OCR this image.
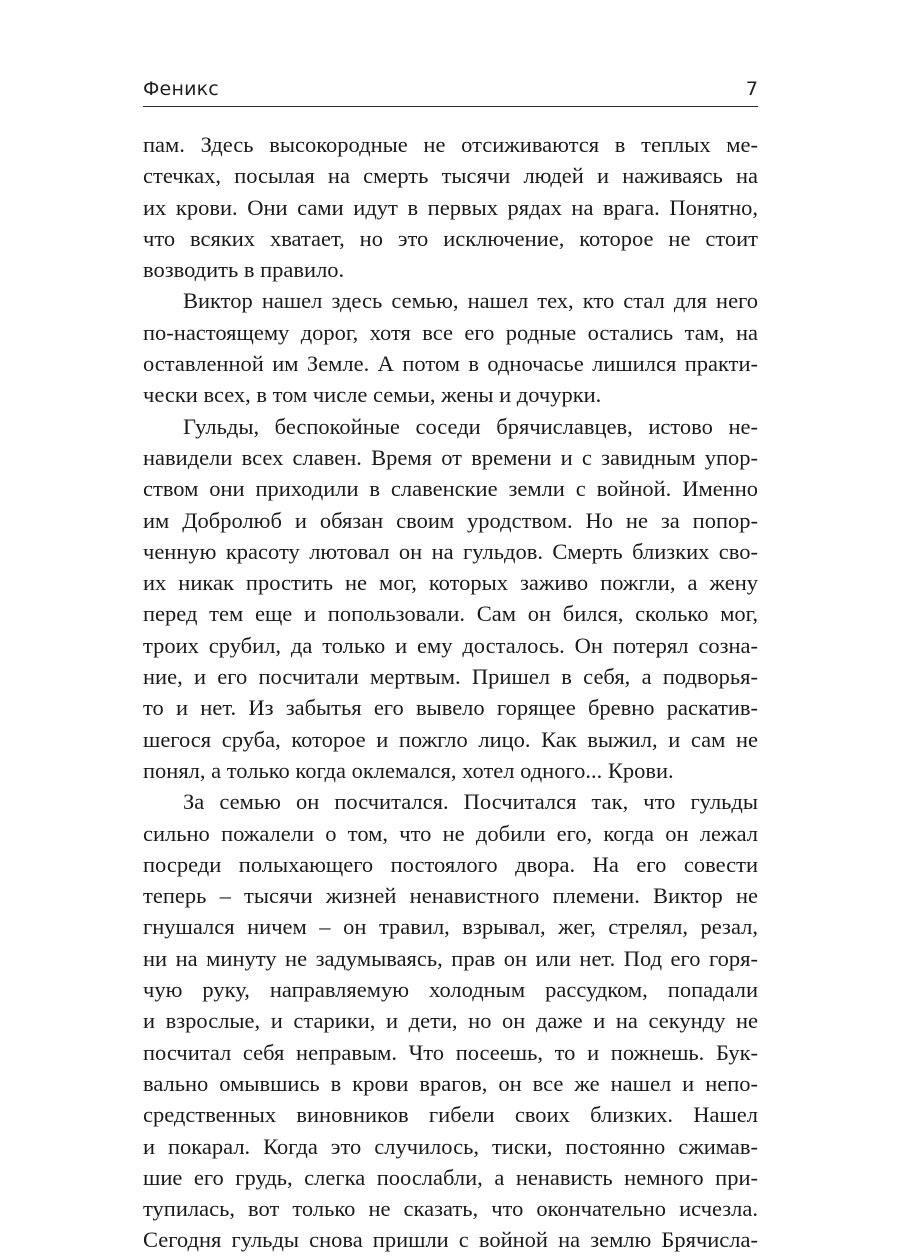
Феникс	7
пам. Здесь высокородные не отсиживаются в теплых ме-
стечках, посылая на смерть тысячи людей и наживаясь на
их крови. Они сами идут в первых рядах на врага. Понятно,
что всяких хватает, но это исключение, которое не стоит
возводить в правило.
Виктор нашел здесь семью, нашел тех, кто стал для него
по-настоящему дорог, хотя все его родные остались там, на
оставленной им Земле. А потом в одночасье лишился практи-
чески всех, в том числе семьи, жены и дочурки.
Гульды, беспокойные соседи брячиславцев, истово не-
навидели всех славен. Время от времени и с завидным упор-
ством они приходили в славенские земли с войной. Именно
им Добролюб и обязан своим уродством. Но не за попор-
ченную красоту лютовал он на гульдов. Смерть близких сво-
их никак простить не мог, которых заживо пожгли, а жену
перед тем еще и попользовали. Сам он бился, сколько мог,
троих срубил, да только и ему досталось. Он потерял созна-
ние, и его посчитали мертвым. Пришел в себя, а подворья-
то и нет. Из забытья его вывело горящее бревно раскатив-
шегося сруба, которое и пожгло лицо. Как выжил, и сам не
понял, а только когда оклемался, хотел одного... Крови.
За семью он посчитался. Посчитался так, что гульды
сильно пожалели о том, что не добили его, когда он лежал
посреди полыхающего постоялого двора. На его совести
теперь – тысячи жизней ненавистного племени. Виктор не
гнушался ничем – он травил, взрывал, жег, стрелял, резал,
ни на минуту не задумываясь, прав он или нет. Под его горя-
чую руку, направляемую холодным рассудком, попадали
и взрослые, и старики, и дети, но он даже и на секунду не
посчитал себя неправым. Что посеешь, то и пожнешь. Бук-
вально омывшись в крови врагов, он все же нашел и непо-
средственных виновников гибели своих близких. Нашел
и покарал. Когда это случилось, тиски, постоянно сжимав-
шие его грудь, слегка поослабли, а ненависть немного при-
тупилась, вот только не сказать, что окончательно исчезла.
Сегодня гульды снова пришли с войной на землю Брячисла-
